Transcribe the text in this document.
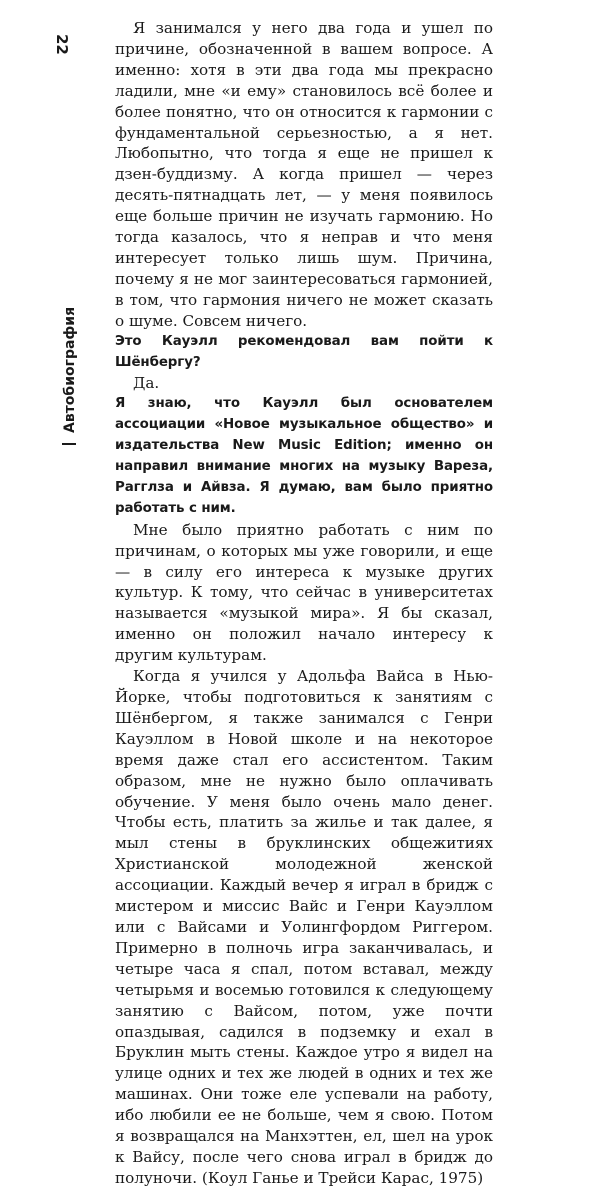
22
Автобиография

Я занимался у него два года и ушел по причине, обозначенной в вашем вопросе. А именно: хотя в эти два года мы прекрасно ладили, мне «и ему» становилось всё более и более понятно, что он относится к гармонии с фундаментальной серьезностью, а я нет. Любопытно, что тогда я еще не пришел к дзен-буддизму. А когда пришел — через десять-пятнадцать лет, — у меня появилось еще больше причин не изучать гармонию. Но тогда казалось, что я неправ и что меня интересует только лишь шум. Причина, почему я не мог заинтересоваться гармонией, в том, что гармония ничего не может сказать о шуме. Совсем ничего.

Это Кауэлл рекомендовал вам пойти к Шёнбергу?

Да.

Я знаю, что Кауэлл был основателем ассоциации «Новое музыкальное общество» и издательства New Music Edition; именно он направил внимание многих на музыку Вареза, Рагглза и Айвза. Я думаю, вам было приятно работать с ним.

Мне было приятно работать с ним по причинам, о которых мы уже говорили, и еще — в силу его интереса к музыке других культур. К тому, что сейчас в университетах называется «музыкой мира». Я бы сказал, именно он положил начало интересу к другим культурам.

Когда я учился у Адольфа Вайса в Нью-Йорке, чтобы подготовиться к занятиям с Шёнбергом, я также занимался с Генри Кауэллом в Новой школе и на некоторое время даже стал его ассистентом. Таким образом, мне не нужно было оплачивать обучение. У меня было очень мало денег. Чтобы есть, платить за жилье и так далее, я мыл стены в бруклинских общежитиях Христианской молодежной женской ассоциации. Каждый вечер я играл в бридж с мистером и миссис Вайс и Генри Кауэллом или с Вайсами и Уолингфордом Риггером. Примерно в полночь игра заканчивалась, и четыре часа я спал, потом вставал, между четырьмя и восемью готовился к следующему занятию с Вайсом, потом, уже почти опаздывая, садился в подземку и ехал в Бруклин мыть стены. Каждое утро я видел на улице одних и тех же людей в одних и тех же машинах. Они тоже еле успевали на работу, ибо любили ее не больше, чем я свою. Потом я возвращался на Манхэттен, ел, шел на урок к Вайсу, после чего снова играл в бридж до полуночи. (Коул Ганье и Трейси Карас, 1975)
